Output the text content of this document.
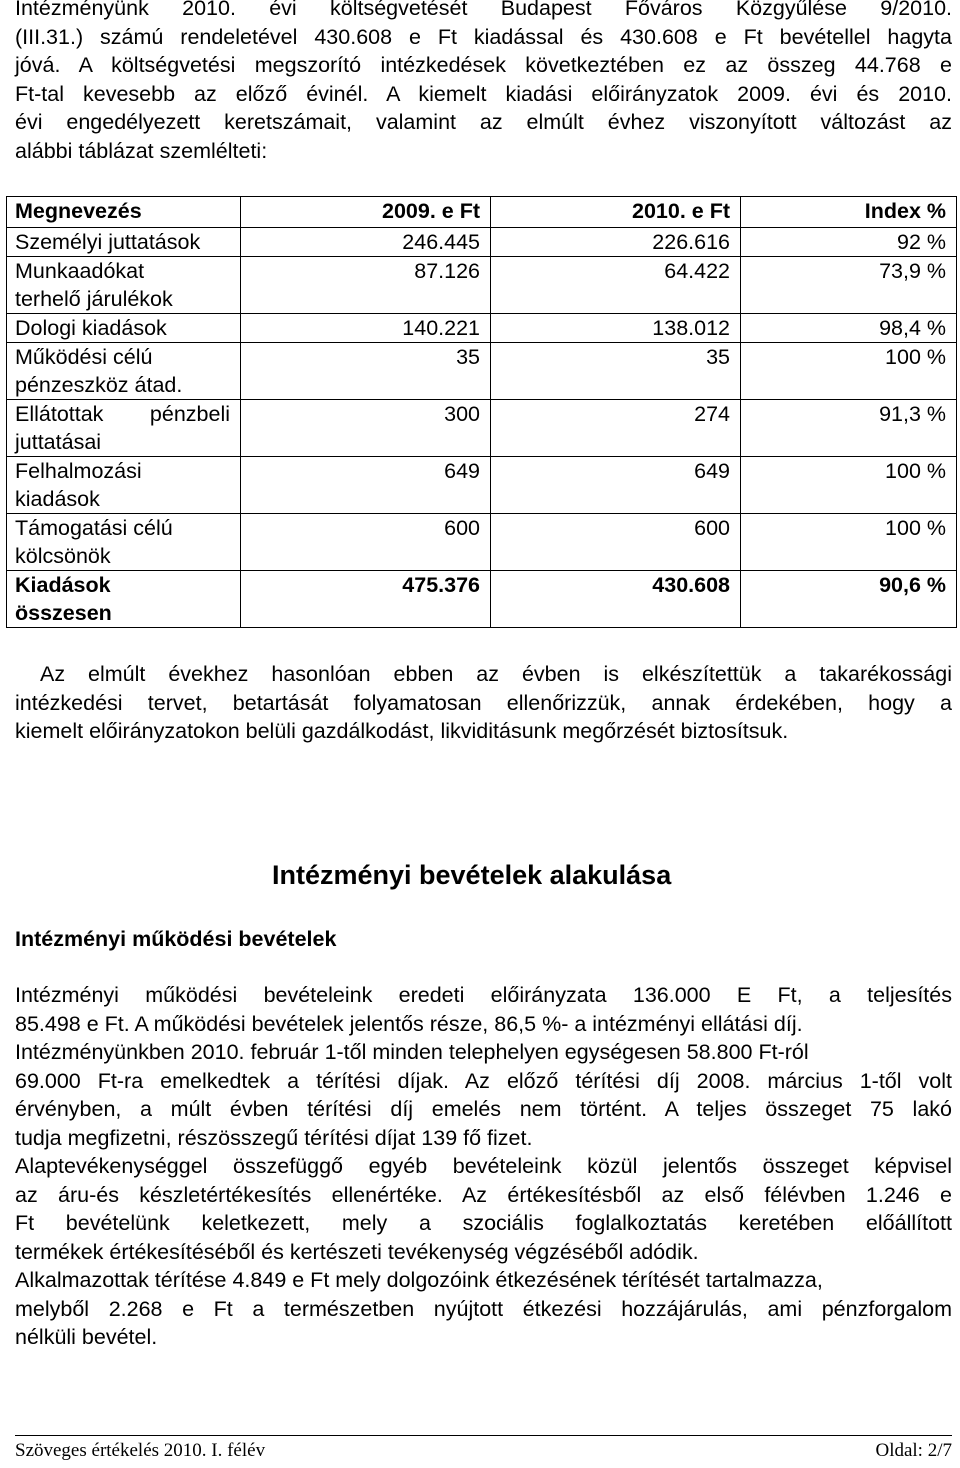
Intézményünk 2010. évi költségvetését Budapest Főváros Közgyűlése 9/2010.
(III.31.) számú rendeletével 430.608 e Ft kiadással és 430.608 e Ft bevétellel hagyta
jóvá. A költségvetési megszorító intézkedések következtében ez az összeg 44.768 e
Ft-tal kevesebb az előző évinél. A kiemelt kiadási előirányzatok 2009. évi és 2010.
évi engedélyezett keretszámait, valamint az elmúlt évhez viszonyított változást az
alábbi táblázat szemlélteti:
Megnevezés	2009. e Ft	2010. e Ft	Index %

Személyi juttatások	246.445	226.616	92 %

Munkaadókat
terhelő járulékok	87.126	64.422	73,9 %

Dologi kiadások	140.221	138.012	98,4 %

Működési célú
pénzeszköz átad.	35	35	100 %

Ellátottak pénzbeli
juttatásai	300	274	91,3 %

Felhalmozási
kiadások	649	649	100 %

Támogatási célú
kölcsönök	600	600	100 %

Kiadások
összesen	475.376	430.608	90,6 %
Az elmúlt évekhez hasonlóan ebben az évben is elkészítettük a takarékossági
intézkedési tervet, betartását folyamatosan ellenőrizzük, annak érdekében, hogy a
kiemelt előirányzatokon belüli gazdálkodást, likviditásunk megőrzését biztosítsuk.
Intézményi bevételek alakulása
Intézményi működési bevételek
Intézményi működési bevételeink eredeti előirányzata 136.000 E Ft, a teljesítés
85.498 e Ft. A működési bevételek jelentős része, 86,5 %- a intézményi ellátási díj.
Intézményünkben 2010. február 1-től minden telephelyen egységesen 58.800 Ft-ról
69.000 Ft-ra emelkedtek a térítési díjak. Az előző térítési díj 2008. március 1-től volt
érvényben, a múlt évben térítési díj emelés nem történt. A teljes összeget 75 lakó
tudja megfizetni, részösszegű térítési díjat 139 fő fizet.
Alaptevékenységgel összefüggő egyéb bevételeink közül jelentős összeget képvisel
az áru-és készletértékesítés ellenértéke. Az értékesítésből az első félévben 1.246 e
Ft bevételünk keletkezett, mely a szociális foglalkoztatás keretében előállított
termékek értékesítéséből és kertészeti tevékenység végzéséből adódik.
Alkalmazottak térítése 4.849 e Ft mely dolgozóink étkezésének térítését tartalmazza,
melyből 2.268 e Ft a természetben nyújtott étkezési hozzájárulás, ami pénzforgalom
nélküli bevétel.
Szöveges értékelés 2010. I. félév	Oldal: 2/7
